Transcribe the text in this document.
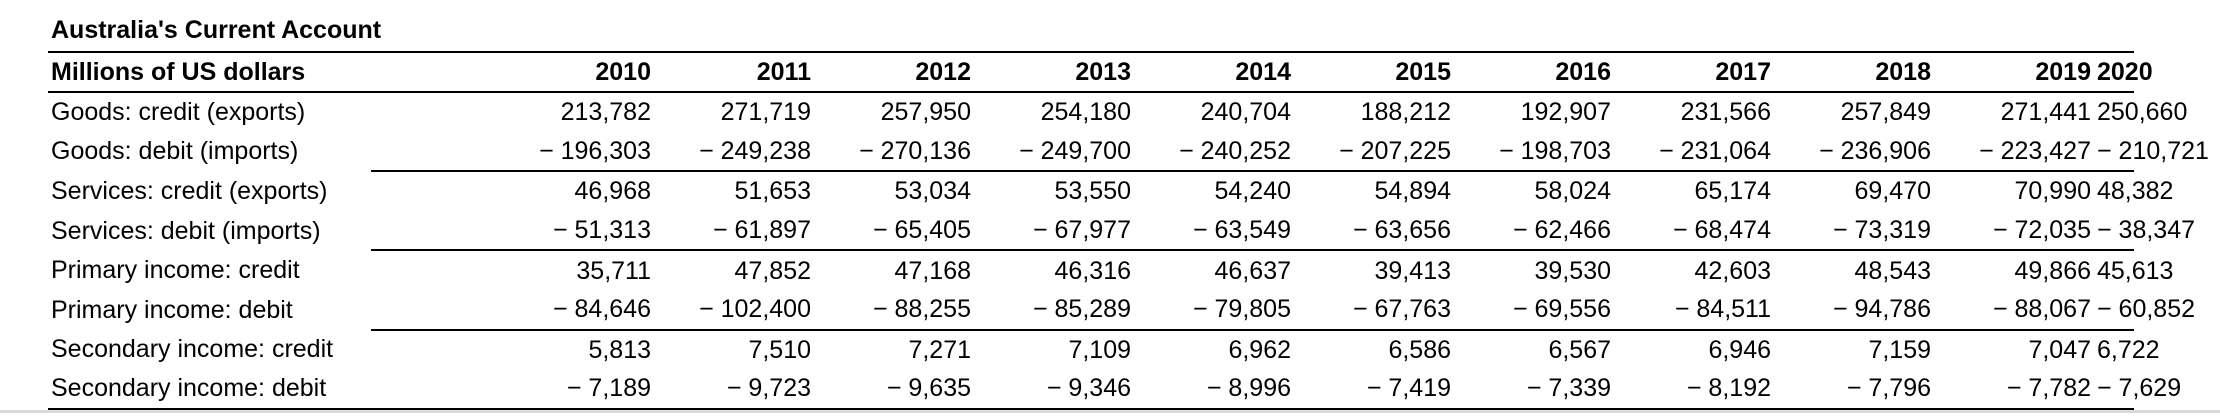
Australia's Current Account
Millions of US dollars	2010	2011	2012	2013	2014	2015	2016	2017	2018	2019	2020
Goods: credit (exports)	213,782	271,719	257,950	254,180	240,704	188,212	192,907	231,566	257,849	271,441	250,660
Goods: debit (imports)	− 196,303	− 249,238	− 270,136	− 249,700	− 240,252	− 207,225	− 198,703	− 231,064	− 236,906	− 223,427	− 210,721
Services: credit (exports)	46,968	51,653	53,034	53,550	54,240	54,894	58,024	65,174	69,470	70,990	48,382
Services: debit (imports)	− 51,313	− 61,897	− 65,405	− 67,977	− 63,549	− 63,656	− 62,466	− 68,474	− 73,319	− 72,035	− 38,347
Primary income: credit	35,711	47,852	47,168	46,316	46,637	39,413	39,530	42,603	48,543	49,866	45,613
Primary income: debit	− 84,646	− 102,400	− 88,255	− 85,289	− 79,805	− 67,763	− 69,556	− 84,511	− 94,786	− 88,067	− 60,852
Secondary income: credit	5,813	7,510	7,271	7,109	6,962	6,586	6,567	6,946	7,159	7,047	6,722
Secondary income: debit	− 7,189	− 9,723	− 9,635	− 9,346	− 8,996	− 7,419	− 7,339	− 8,192	− 7,796	− 7,782	− 7,629
